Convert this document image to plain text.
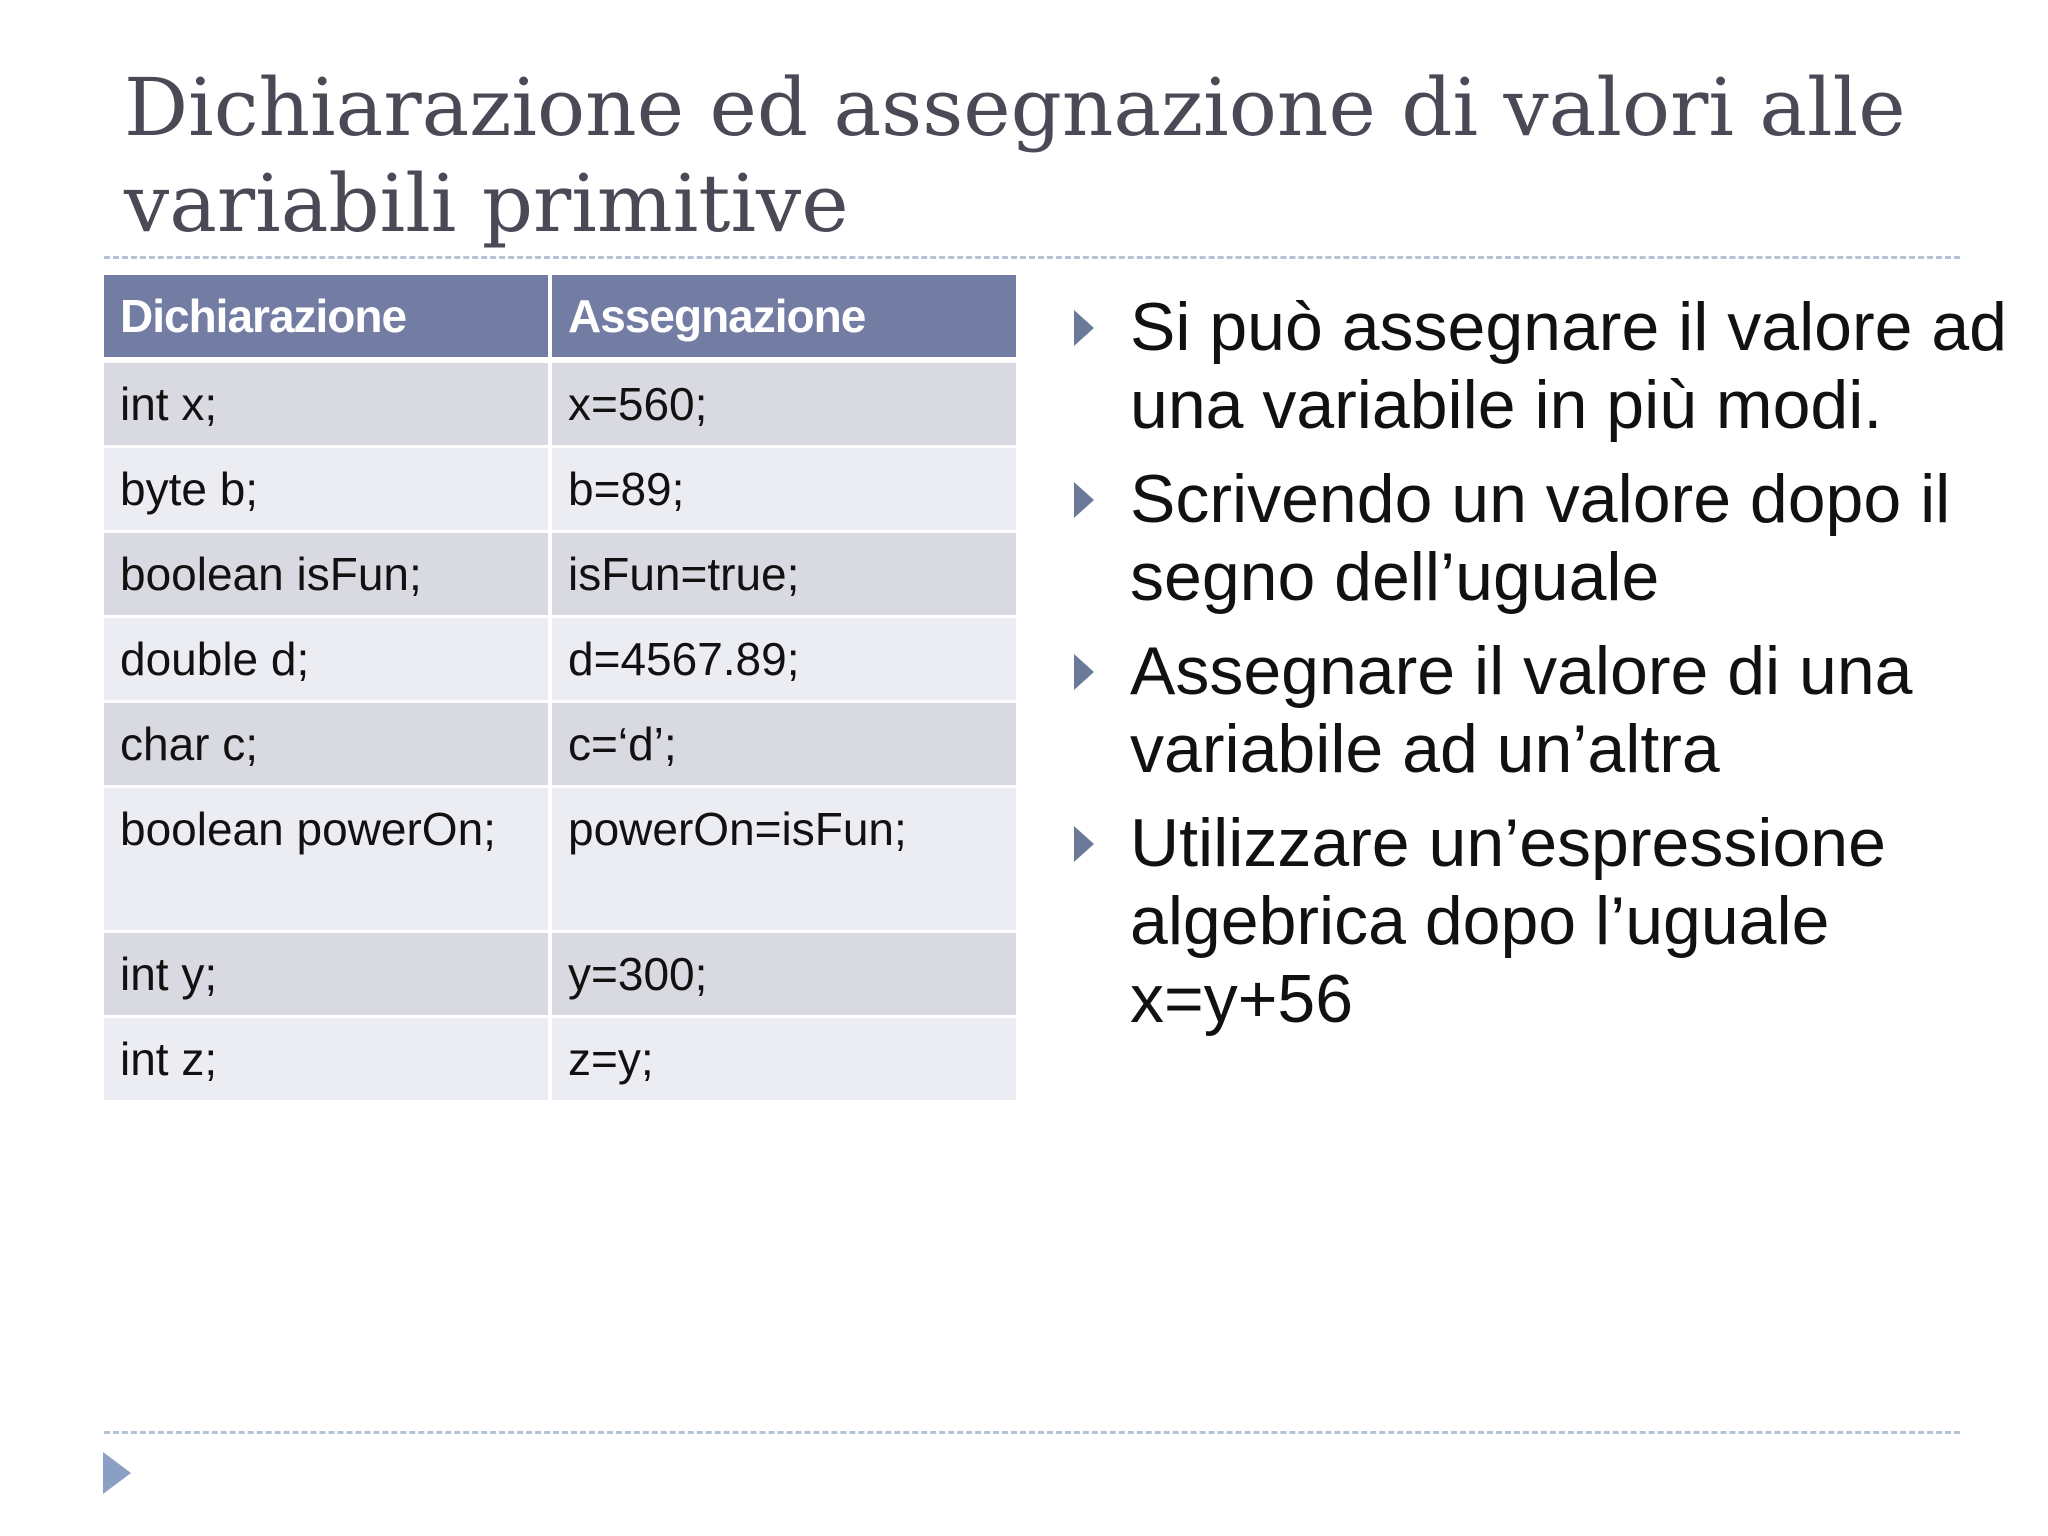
Dichiarazione ed assegnazione di valori alle variabili primitive
Dichiarazione	Assegnazione
int x;	x=560;
byte b;	b=89;
boolean isFun;	isFun=true;
double d;	d=4567.89;
char c;	c=‘d’;
boolean powerOn;	powerOn=isFun;
int y;	y=300;
int z;	z=y;
Si può assegnare il valore ad una variabile in più modi.
Scrivendo un valore dopo il segno dell’uguale
Assegnare il valore di una variabile ad un’altra
Utilizzare un’espressione algebrica dopo l’uguale x=y+56
